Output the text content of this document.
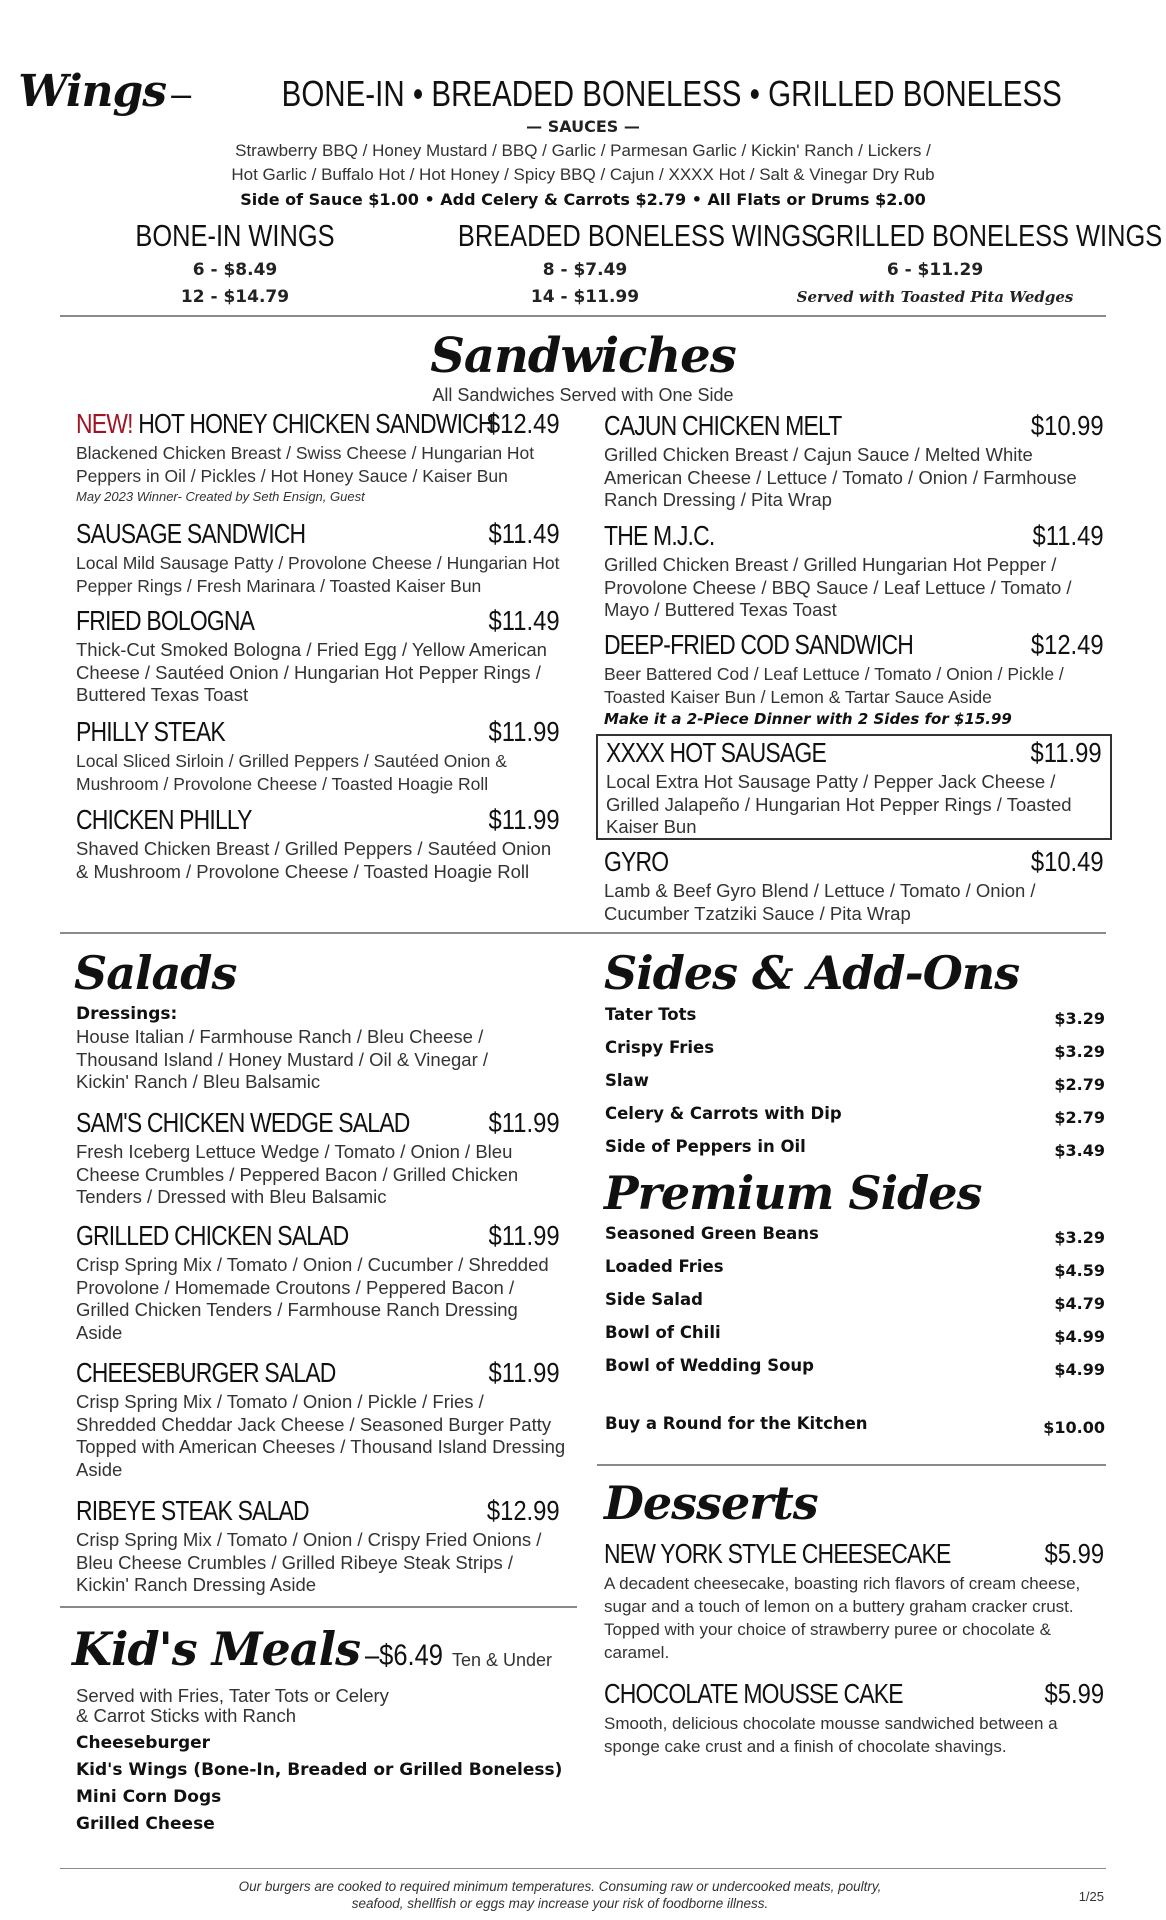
Wings –	BONE-IN • BREADED BONELESS • GRILLED BONELESS
— SAUCES —
Strawberry BBQ / Honey Mustard / BBQ / Garlic / Parmesan Garlic / Kickin' Ranch / Lickers /
Hot Garlic / Buffalo Hot / Hot Honey / Spicy BBQ / Cajun / XXXX Hot / Salt & Vinegar Dry Rub
Side of Sauce $1.00 • Add Celery & Carrots $2.79 • All Flats or Drums $2.00
BONE-IN WINGS
6 - $8.49
12 - $14.79
BREADED BONELESS WINGS
8 - $7.49
14 - $11.99
GRILLED BONELESS WINGS
6 - $11.29
Served with Toasted Pita Wedges
Sandwiches
All Sandwiches Served with One Side
NEW! HOT HONEY CHICKEN SANDWICH
$12.49
Blackened Chicken Breast / Swiss Cheese / Hungarian Hot Peppers in Oil / Pickles / Hot Honey Sauce / Kaiser Bun
May 2023 Winner- Created by Seth Ensign, Guest
SAUSAGE SANDWICH	$11.49
Local Mild Sausage Patty / Provolone Cheese / Hungarian Hot Pepper Rings / Fresh Marinara / Toasted Kaiser Bun
FRIED BOLOGNA	$11.49
Thick-Cut Smoked Bologna / Fried Egg / Yellow American Cheese / Sautéed Onion / Hungarian Hot Pepper Rings / Buttered Texas Toast
PHILLY STEAK	$11.99
Local Sliced Sirloin / Grilled Peppers / Sautéed Onion & Mushroom / Provolone Cheese / Toasted Hoagie Roll
CHICKEN PHILLY	$11.99
Shaved Chicken Breast / Grilled Peppers / Sautéed Onion & Mushroom / Provolone Cheese / Toasted Hoagie Roll
CAJUN CHICKEN MELT	$10.99
Grilled Chicken Breast / Cajun Sauce / Melted White American Cheese / Lettuce / Tomato / Onion / Farmhouse Ranch Dressing / Pita Wrap
THE M.J.C.	$11.49
Grilled Chicken Breast / Grilled Hungarian Hot Pepper / Provolone Cheese / BBQ Sauce / Leaf Lettuce / Tomato / Mayo / Buttered Texas Toast
DEEP-FRIED COD SANDWICH	$12.49
Beer Battered Cod / Leaf Lettuce / Tomato / Onion / Pickle / Toasted Kaiser Bun / Lemon & Tartar Sauce Aside
Make it a 2-Piece Dinner with 2 Sides for $15.99
XXXX HOT SAUSAGE	$11.99
Local Extra Hot Sausage Patty / Pepper Jack Cheese / Grilled Jalapeño / Hungarian Hot Pepper Rings / Toasted Kaiser Bun
GYRO	$10.49
Lamb & Beef Gyro Blend / Lettuce / Tomato / Onion / Cucumber Tzatziki Sauce / Pita Wrap
Salads
Dressings:
House Italian / Farmhouse Ranch / Bleu Cheese / Thousand Island / Honey Mustard / Oil & Vinegar / Kickin' Ranch / Bleu Balsamic
SAM'S CHICKEN WEDGE SALAD	$11.99
Fresh Iceberg Lettuce Wedge / Tomato / Onion / Bleu Cheese Crumbles / Peppered Bacon / Grilled Chicken Tenders / Dressed with Bleu Balsamic
GRILLED CHICKEN SALAD	$11.99
Crisp Spring Mix / Tomato / Onion / Cucumber / Shredded Provolone / Homemade Croutons / Peppered Bacon / Grilled Chicken Tenders / Farmhouse Ranch Dressing Aside
CHEESEBURGER SALAD	$11.99
Crisp Spring Mix / Tomato / Onion / Pickle / Fries / Shredded Cheddar Jack Cheese / Seasoned Burger Patty Topped with American Cheeses / Thousand Island Dressing Aside
RIBEYE STEAK SALAD	$12.99
Crisp Spring Mix / Tomato / Onion / Crispy Fried Onions / Bleu Cheese Crumbles / Grilled Ribeye Steak Strips / Kickin' Ranch Dressing Aside
Kid's Meals –$6.49 Ten & Under
Served with Fries, Tater Tots or Celery & Carrot Sticks with Ranch
Cheeseburger
Kid's Wings (Bone-In, Breaded or Grilled Boneless)
Mini Corn Dogs
Grilled Cheese
Sides & Add-Ons
Tater Tots	$3.29
Crispy Fries	$3.29
Slaw	$2.79
Celery & Carrots with Dip	$2.79
Side of Peppers in Oil	$3.49
Premium Sides
Seasoned Green Beans	$3.29
Loaded Fries	$4.59
Side Salad	$4.79
Bowl of Chili	$4.99
Bowl of Wedding Soup	$4.99
Buy a Round for the Kitchen	$10.00
Desserts
NEW YORK STYLE CHEESECAKE	$5.99
A decadent cheesecake, boasting rich flavors of cream cheese, sugar and a touch of lemon on a buttery graham cracker crust. Topped with your choice of strawberry puree or chocolate & caramel.
CHOCOLATE MOUSSE CAKE	$5.99
Smooth, delicious chocolate mousse sandwiched between a sponge cake crust and a finish of chocolate shavings.
Our burgers are cooked to required minimum temperatures. Consuming raw or undercooked meats, poultry,
seafood, shellfish or eggs may increase your risk of foodborne illness.	1/25
